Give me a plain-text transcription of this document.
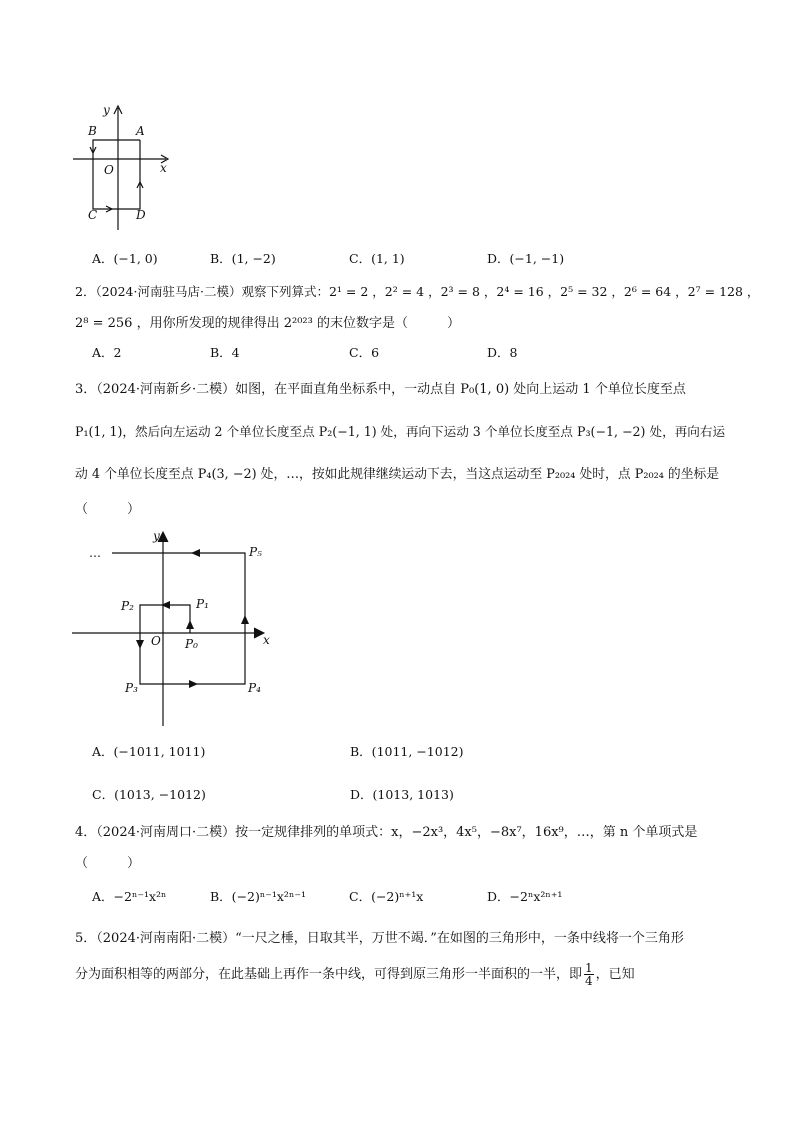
y
x
O
A
B
C	D
A．(−1, 0)	B．(1, −2)	C．(1, 1)	D．(−1, −1)
2．（2024·河南驻马店·二模）观察下列算式：2¹ = 2 ，2² = 4 ，2³ = 8 ，2⁴ = 16 ，2⁵ = 32 ，2⁶ = 64 ，2⁷ = 128 ，
2⁸ = 256 ，用你所发现的规律得出 2²⁰²³ 的末位数字是（　　　）
A．2	B．4	C．6	D．8
3．（2024·河南新乡·二模）如图，在平面直角坐标系中，一动点自 P₀(1, 0) 处向上运动 1 个单位长度至点
P₁(1, 1)，然后向左运动 2 个单位长度至点 P₂(−1, 1) 处，再向下运动 3 个单位长度至点 P₃(−1, −2) 处，再向右运
动 4 个单位长度至点 P₄(3, −2) 处，…，按如此规律继续运动下去，当这点运动至 P₂₀₂₄ 处时，点 P₂₀₂₄ 的坐标是
（　　　）
…
y
x
O P₀
P₁
P₂
P₃	P₄
P₅
A．(−1011, 1011)	B．(1011, −1012)
C．(1013, −1012)	D．(1013, 1013)
4．（2024·河南周口·二模）按一定规律排列的单项式：x，−2x³，4x⁵，−8x⁷，16x⁹，…，第 n 个单项式是
（　　　）
A．−2ⁿ⁻¹x²ⁿ	B．(−2)ⁿ⁻¹x²ⁿ⁻¹	C．(−2)ⁿ⁺¹x	D．−2ⁿx²ⁿ⁺¹
5．（2024·河南南阳·二模）“一尺之棰，日取其半，万世不竭．”在如图的三角形中，一条中线将一个三角形
分为面积相等的两部分，在此基础上再作一条中线，可得到原三角形一半面积的一半，即 $\frac{1}{4}$ ，已知
